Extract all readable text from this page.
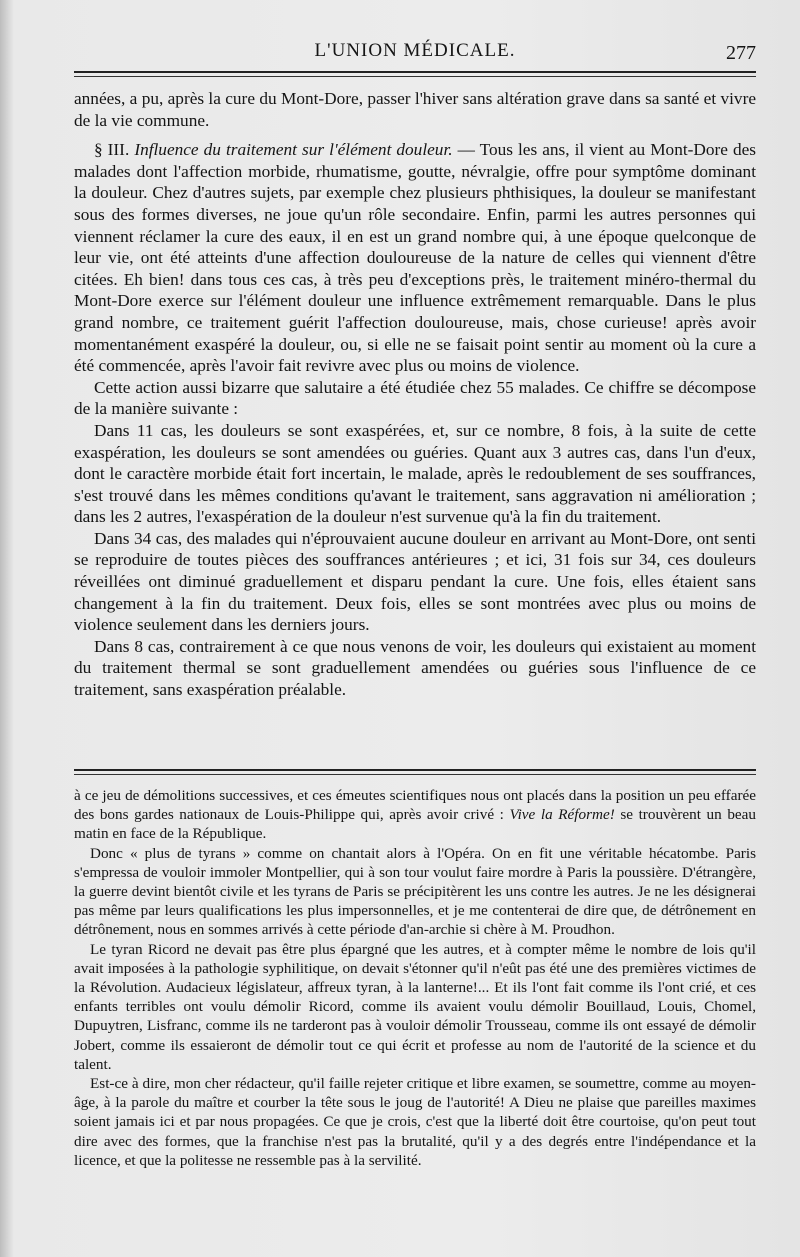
L'UNION MÉDICALE.	277

années, a pu, après la cure du Mont-Dore, passer l'hiver sans altération grave dans sa santé et vivre de la vie commune.

§ III. Influence du traitement sur l'élément douleur. — Tous les ans, il vient au Mont-Dore des malades dont l'affection morbide, rhumatisme, goutte, névralgie, offre pour symptôme dominant la douleur. Chez d'autres sujets, par exemple chez plusieurs phthisiques, la douleur se manifestant sous des formes diverses, ne joue qu'un rôle secondaire. Enfin, parmi les autres personnes qui viennent réclamer la cure des eaux, il en est un grand nombre qui, à une époque quelconque de leur vie, ont été atteints d'une affection douloureuse de la nature de celles qui viennent d'être citées. Eh bien! dans tous ces cas, à très peu d'exceptions près, le traitement minéro-thermal du Mont-Dore exerce sur l'élément douleur une influence extrêmement remarquable. Dans le plus grand nombre, ce traitement guérit l'affection douloureuse, mais, chose curieuse! après avoir momentanément exaspéré la douleur, ou, si elle ne se faisait point sentir au moment où la cure a été commencée, après l'avoir fait revivre avec plus ou moins de violence.

Cette action aussi bizarre que salutaire a été étudiée chez 55 malades. Ce chiffre se décompose de la manière suivante :

Dans 11 cas, les douleurs se sont exaspérées, et, sur ce nombre, 8 fois, à la suite de cette exaspération, les douleurs se sont amendées ou guéries. Quant aux 3 autres cas, dans l'un d'eux, dont le caractère morbide était fort incertain, le malade, après le redoublement de ses souffrances, s'est trouvé dans les mêmes conditions qu'avant le traitement, sans aggravation ni amélioration ; dans les 2 autres, l'exaspération de la douleur n'est survenue qu'à la fin du traitement.

Dans 34 cas, des malades qui n'éprouvaient aucune douleur en arrivant au Mont-Dore, ont senti se reproduire de toutes pièces des souffrances antérieures ; et ici, 31 fois sur 34, ces douleurs réveillées ont diminué graduellement et disparu pendant la cure. Une fois, elles étaient sans changement à la fin du traitement. Deux fois, elles se sont montrées avec plus ou moins de violence seulement dans les derniers jours.

Dans 8 cas, contrairement à ce que nous venons de voir, les douleurs qui existaient au moment du traitement thermal se sont graduellement amendées ou guéries sous l'influence de ce traitement, sans exaspération préalable.

à ce jeu de démolitions successives, et ces émeutes scientifiques nous ont placés dans la position un peu effarée des bons gardes nationaux de Louis-Philippe qui, après avoir crivé : Vive la Réforme! se trouvèrent un beau matin en face de la République.

Donc « plus de tyrans » comme on chantait alors à l'Opéra. On en fit une véritable hécatombe. Paris s'empressa de vouloir immoler Montpellier, qui à son tour voulut faire mordre à Paris la poussière. D'étrangère, la guerre devint bientôt civile et les tyrans de Paris se précipitèrent les uns contre les autres. Je ne les désignerai pas même par leurs qualifications les plus impersonnelles, et je me contenterai de dire que, de détrônement en détrônement, nous en sommes arrivés à cette période d'an-archie si chère à M. Proudhon.

Le tyran Ricord ne devait pas être plus épargné que les autres, et à compter même le nombre de lois qu'il avait imposées à la pathologie syphilitique, on devait s'étonner qu'il n'eût pas été une des premières victimes de la Révolution. Audacieux législateur, affreux tyran, à la lanterne!... Et ils l'ont fait comme ils l'ont crié, et ces enfants terribles ont voulu démolir Ricord, comme ils avaient voulu démolir Bouillaud, Louis, Chomel, Dupuytren, Lisfranc, comme ils ne tarderont pas à vouloir démolir Trousseau, comme ils ont essayé de démolir Jobert, comme ils essaieront de démolir tout ce qui écrit et professe au nom de l'autorité de la science et du talent.

Est-ce à dire, mon cher rédacteur, qu'il faille rejeter critique et libre examen, se soumettre, comme au moyen-âge, à la parole du maître et courber la tête sous le joug de l'autorité! A Dieu ne plaise que pareilles maximes soient jamais ici et par nous propagées. Ce que je crois, c'est que la liberté doit être courtoise, qu'on peut tout dire avec des formes, que la franchise n'est pas la brutalité, qu'il y a des degrés entre l'indépendance et la licence, et que la politesse ne ressemble pas à la servilité.
